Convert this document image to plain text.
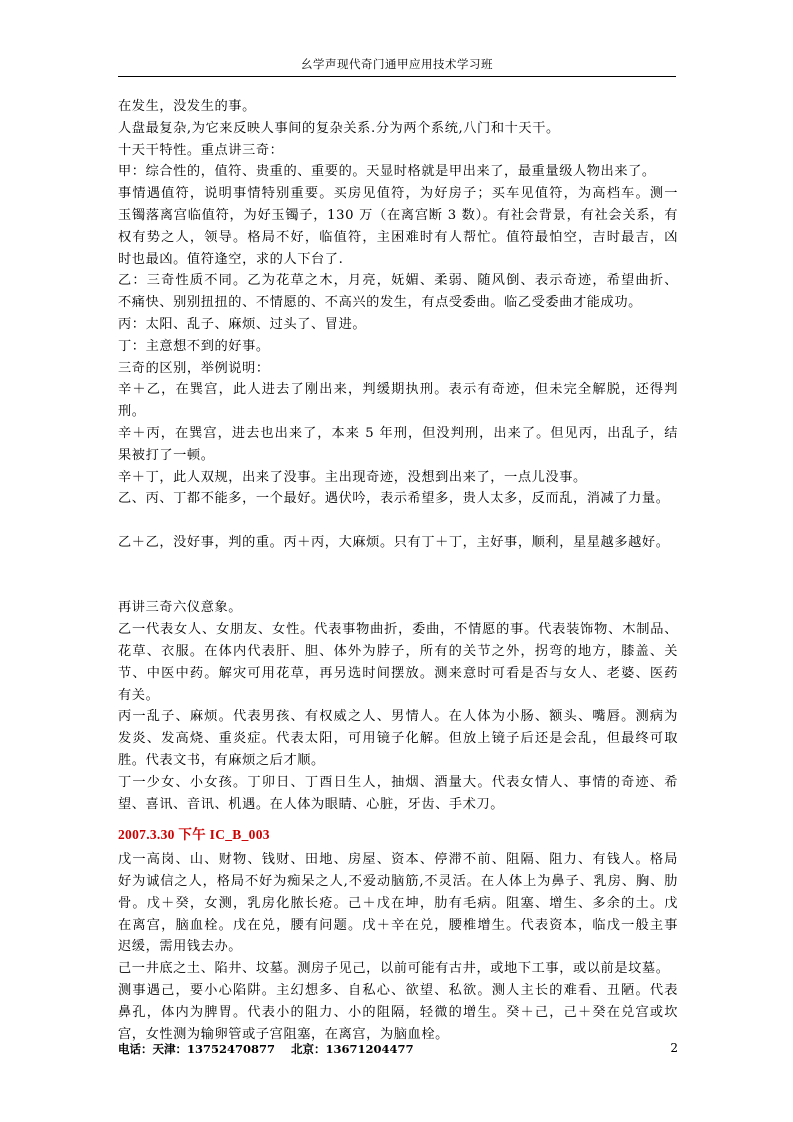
幺学声现代奇门通甲应用技术学习班
在发生，没发生的事。
人盘最复杂,为它来反映人事间的复杂关系.分为两个系统,八门和十天干。
十天干特性。重点讲三奇：
甲：综合性的，值符、贵重的、重要的。天显时格就是甲出来了，最重量级人物出来了。
事情遇值符，说明事情特别重要。买房见值符，为好房子；买车见值符，为高档车。测一
玉镯落离宫临值符，为好玉镯子，130 万（在离宫断 3 数）。有社会背景，有社会关系，有
权有势之人，领导。格局不好，临值符，主困难时有人帮忙。值符最怕空，吉时最吉，凶
时也最凶。值符逢空，求的人下台了.
乙：三奇性质不同。乙为花草之木，月亮，妩媚、柔弱、随风倒、表示奇迹，希望曲折、
不痛快、别别扭扭的、不情愿的、不高兴的发生，有点受委曲。临乙受委曲才能成功。
丙：太阳、乱子、麻烦、过头了、冒进。
丁：主意想不到的好事。
三奇的区别，举例说明：
辛＋乙，在巽宫，此人进去了刚出来，判缓期执刑。表示有奇迹，但未完全解脱，还得判
刑。
辛＋丙，在巽宫，进去也出来了，本来 5 年刑，但没判刑，出来了。但见丙，出乱子，结
果被打了一顿。
辛＋丁，此人双规，出来了没事。主出现奇迹，没想到出来了，一点儿没事。
乙、丙、丁都不能多，一个最好。遇伏吟，表示希望多，贵人太多，反而乱，消减了力量。
乙＋乙，没好事，判的重。丙＋丙，大麻烦。只有丁＋丁，主好事，顺利，星星越多越好。
再讲三奇六仪意象。
乙一代表女人、女朋友、女性。代表事物曲折，委曲，不情愿的事。代表装饰物、木制品、
花草、衣服。在体内代表肝、胆、体外为脖子，所有的关节之外，拐弯的地方，膝盖、关
节、中医中药。解灾可用花草，再另选时间摆放。测来意时可看是否与女人、老婆、医药
有关。
丙一乱子、麻烦。代表男孩、有权威之人、男情人。在人体为小肠、额头、嘴唇。测病为
发炎、发高烧、重炎症。代表太阳，可用镜子化解。但放上镜子后还是会乱，但最终可取
胜。代表文书，有麻烦之后才顺。
丁一少女、小女孩。丁卯日、丁酉日生人，抽烟、酒量大。代表女情人、事情的奇迹、希
望、喜讯、音讯、机遇。在人体为眼睛、心脏，牙齿、手术刀。
2007.3.30 下午 IC_B_003
戊一高岗、山、财物、钱财、田地、房屋、资本、停滞不前、阻隔、阻力、有钱人。格局
好为诚信之人，格局不好为痴呆之人,不爱动脑筋,不灵活。在人体上为鼻子、乳房、胸、肋
骨。戊＋癸，女测，乳房化脓长疮。己＋戊在坤，肋有毛病。阻塞、增生、多余的土。戊
在离宫，脑血栓。戊在兑，腰有问题。戊＋辛在兑，腰椎增生。代表资本，临戊一般主事
迟缓，需用钱去办。
己一井底之土、陷井、坟墓。测房子见己，以前可能有古井，或地下工事，或以前是坟墓。
测事遇己，要小心陷阱。主幻想多、自私心、欲望、私欲。测人主长的难看、丑陋。代表
鼻孔，体内为脾胃。代表小的阻力、小的阻隔，轻微的增生。癸＋己，己＋癸在兑宫或坎
宫，女性测为输卵管或子宫阻塞，在离宫，为脑血栓。
电话：天津：13752470877 北京：13671204477	2
